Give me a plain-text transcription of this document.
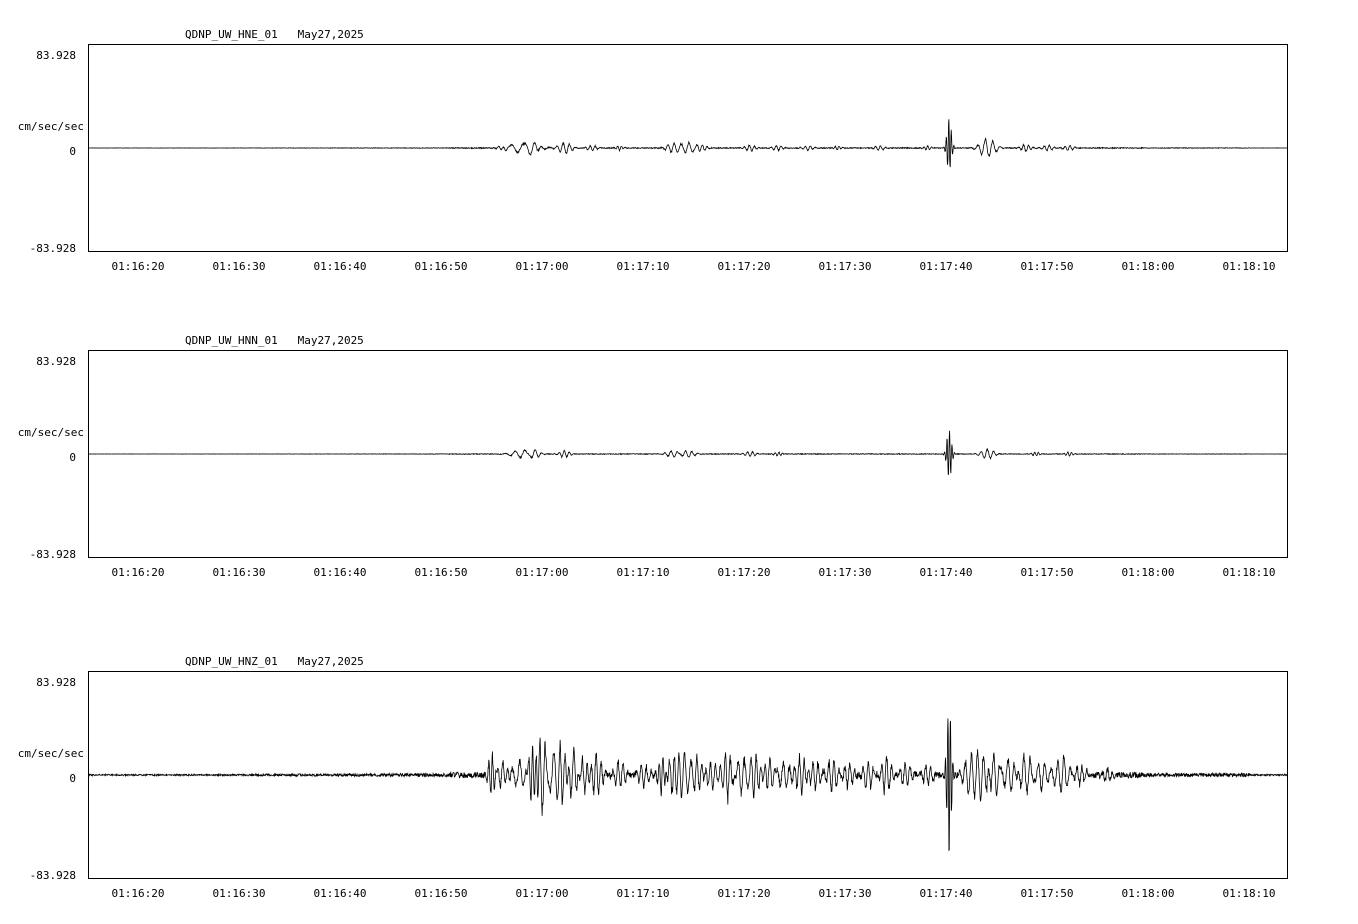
QDNP_UW_HNE_01   May27,2025
cm/sec/sec
83.928
0
-83.928
01:16:20	01:16:30	01:16:40	01:16:50	01:17:00	01:17:10	01:17:20	01:17:30	01:17:40	01:17:50	01:18:00	01:18:10
QDNP_UW_HNN_01   May27,2025
cm/sec/sec
83.928
0
-83.928
01:16:20	01:16:30	01:16:40	01:16:50	01:17:00	01:17:10	01:17:20	01:17:30	01:17:40	01:17:50	01:18:00	01:18:10
QDNP_UW_HNZ_01   May27,2025
cm/sec/sec
83.928
0
-83.928
01:16:20	01:16:30	01:16:40	01:16:50	01:17:00	01:17:10	01:17:20	01:17:30	01:17:40	01:17:50	01:18:00	01:18:10
